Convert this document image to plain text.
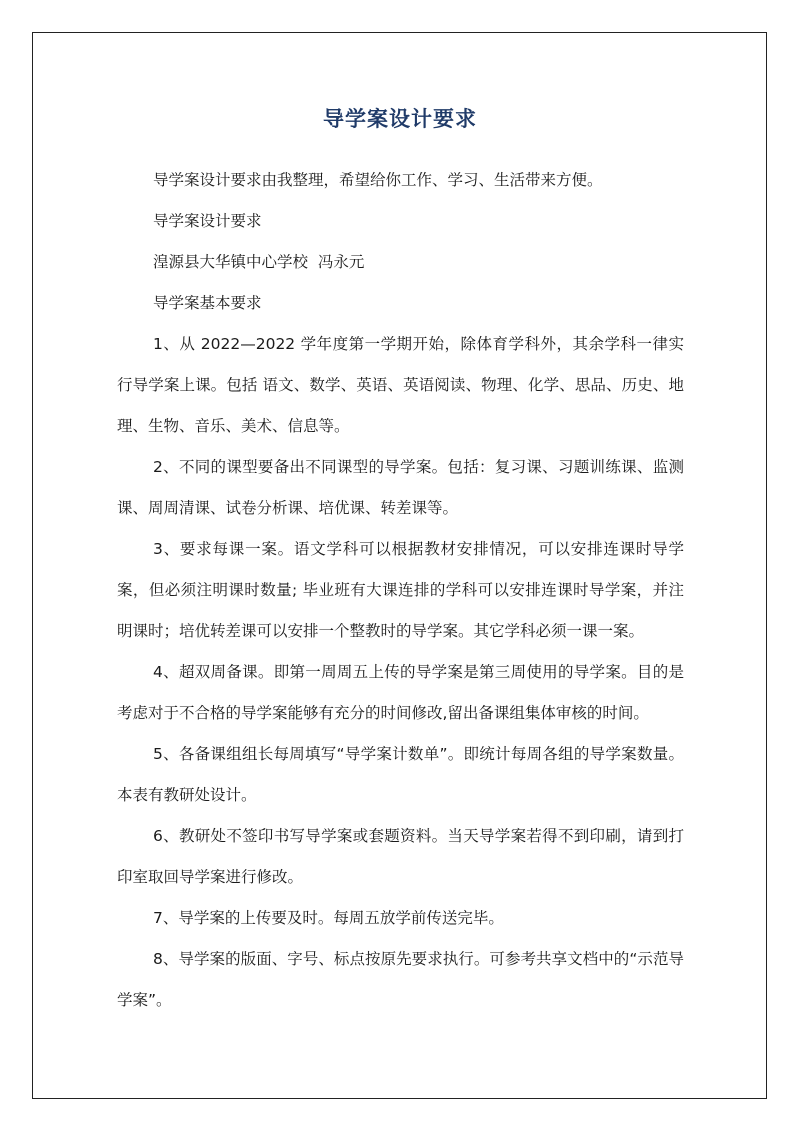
导学案设计要求

导学案设计要求由我整理，希望给你工作、学习、生活带来方便。

导学案设计要求

湟源县大华镇中心学校  冯永元

导学案基本要求

1、从 2022—2022 学年度第一学期开始，除体育学科外，其余学科一律实行导学案上课。包括 语文、数学、英语、英语阅读、物理、化学、思品、历史、地理、生物、音乐、美术、信息等。

2、不同的课型要备出不同课型的导学案。包括：复习课、习题训练课、监测课、周周清课、试卷分析课、培优课、转差课等。

3、要求每课一案。语文学科可以根据教材安排情况，可以安排连课时导学案，但必须注明课时数量; 毕业班有大课连排的学科可以安排连课时导学案，并注明课时；培优转差课可以安排一个整教时的导学案。其它学科必须一课一案。

4、超双周备课。即第一周周五上传的导学案是第三周使用的导学案。目的是考虑对于不合格的导学案能够有充分的时间修改,留出备课组集体审核的时间。

5、各备课组组长每周填写“导学案计数单”。即统计每周各组的导学案数量。本表有教研处设计。

6、教研处不签印书写导学案或套题资料。当天导学案若得不到印刷，请到打印室取回导学案进行修改。

7、导学案的上传要及时。每周五放学前传送完毕。

8、导学案的版面、字号、标点按原先要求执行。可参考共享文档中的“示范导学案”。
